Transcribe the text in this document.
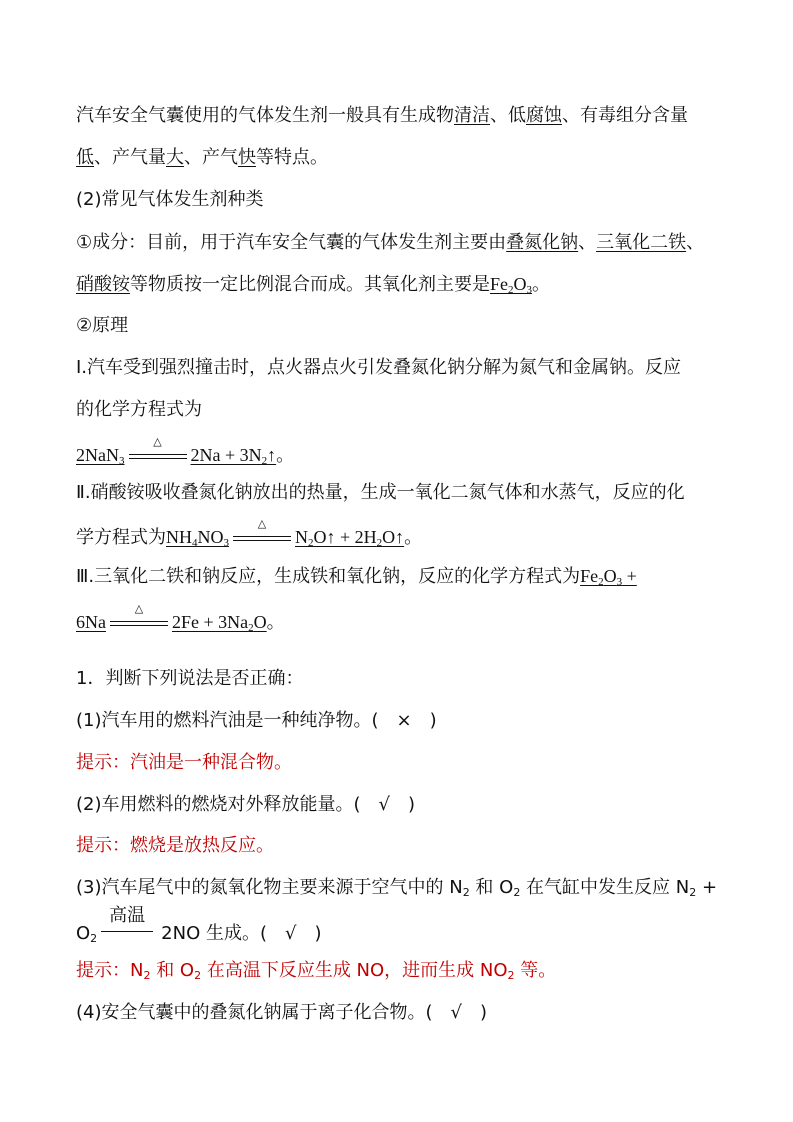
汽车安全气囊使用的气体发生剂一般具有生成物清洁、低腐蚀、有毒组分含量
低、产气量大、产气快等特点。
(2)常见气体发生剂种类
①成分：目前，用于汽车安全气囊的气体发生剂主要由叠氮化钠、三氧化二铁、
硝酸铵等物质按一定比例混合而成。其氧化剂主要是$Fe_2O_3$。
②原理
Ⅰ.汽车受到强烈撞击时，点火器点火引发叠氮化钠分解为氮气和金属钠。反应
的化学方程式为
2NaN$_3$
△
$2Na + 3N_2↑$。
Ⅱ.硝酸铵吸收叠氮化钠放出的热量，生成一氧化二氮气体和水蒸气，反应的化
学方程式为$NH_4NO_3$
△
$N_2O↑$ + $2H_2O↑$。
Ⅲ.三氧化二铁和钠反应，生成铁和氧化钠，反应的化学方程式为$Fe_2O_3$ +
6Na
△
$2Fe + 3Na_2O$。
1．判断下列说法是否正确：
(1)汽车用的燃料汽油是一种纯净物。(　×　)
提示：汽油是一种混合物。
(2)车用燃料的燃烧对外释放能量。(　√　)
提示：燃烧是放热反应。
(3)汽车尾气中的氮氧化物主要来源于空气中的 $N_2$ 和 $O_2$ 在气缸中发生反应 $N_2$ +
$O_2$
高温
2NO 生成。(　√　)
提示：$N_2$ 和 $O_2$ 在高温下反应生成 NO，进而生成 $NO_2$ 等。
(4)安全气囊中的叠氮化钠属于离子化合物。(　√　)
